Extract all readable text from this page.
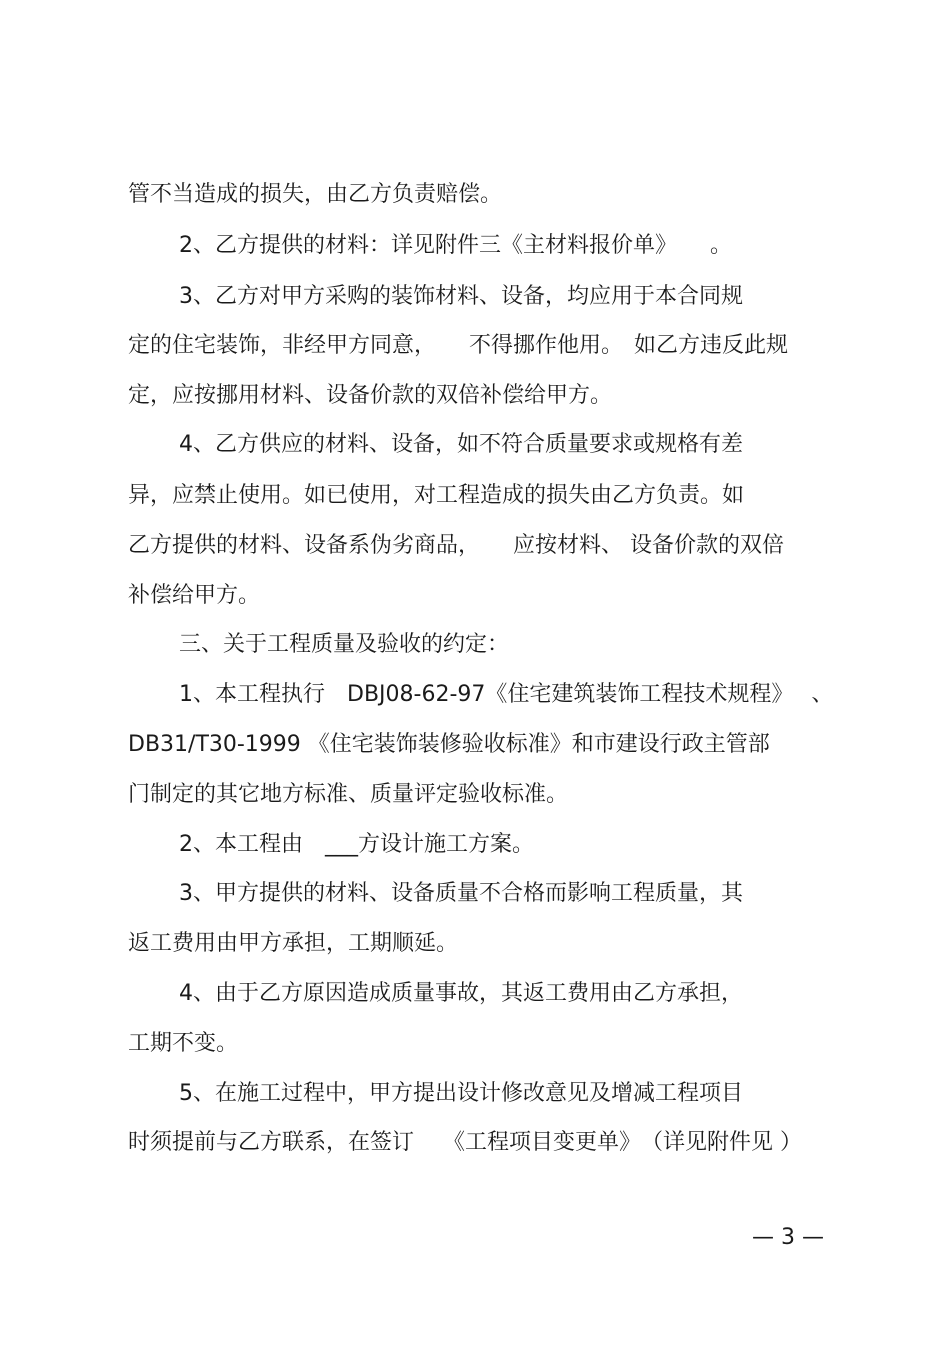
管不当造成的损失，由乙方负责赔偿。
2、乙方提供的材料：详见附件三《主材料报价单》　　。
3、乙方对甲方采购的装饰材料、设备，均应用于本合同规
定的住宅装饰，非经甲方同意，　　不得挪作他用。　如乙方违反此规
定，应按挪用材料、设备价款的双倍补偿给甲方。
4、乙方供应的材料、设备，如不符合质量要求或规格有差
异，应禁止使用。如已使用，对工程造成的损失由乙方负责。如
乙方提供的材料、设备系伪劣商品，　　应按材料、 设备价款的双倍
补偿给甲方。
三、关于工程质量及验收的约定：
1、本工程执行　DBJ08-62-97《住宅建筑装饰工程技术规程》　 、
DB31/T30-1999 《住宅装饰装修验收标准》和市建设行政主管部
门制定的其它地方标准、质量评定验收标准。
2、本工程由　___方设计施工方案。
3、甲方提供的材料、设备质量不合格而影响工程质量，其
返工费用由甲方承担，工期顺延。
4、由于乙方原因造成质量事故，其返工费用由乙方承担，
工期不变。
5、在施工过程中，甲方提出设计修改意见及增减工程项目
时须提前与乙方联系，在签订　 《工程项目变更单》　（详见附件见 ）
— 3 —
